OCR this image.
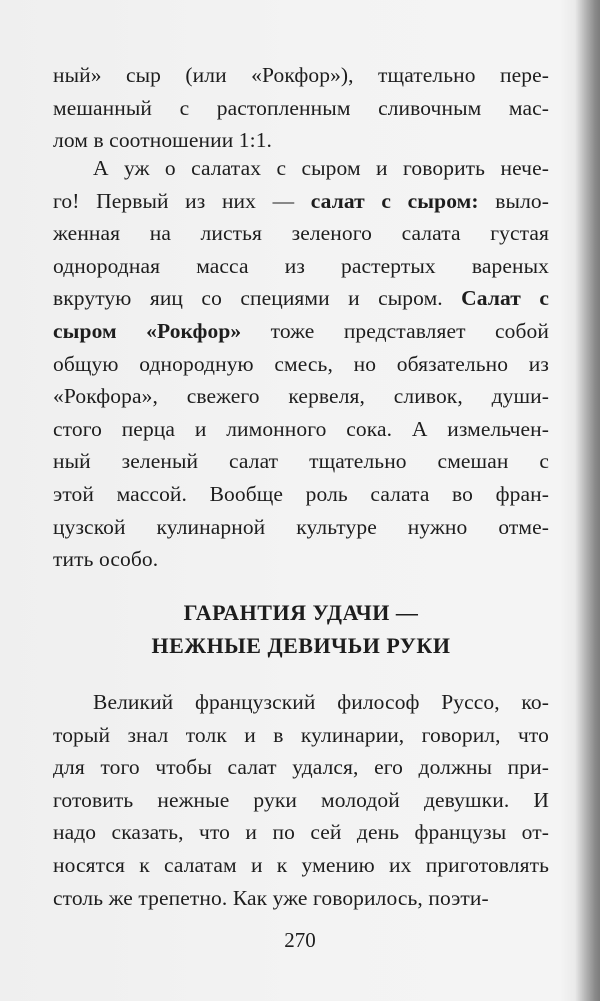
ный» сыр (или «Рокфор»), тщательно пере-
мешанный с растопленным сливочным мас-
лом в соотношении 1:1.

А уж о салатах с сыром и говорить нече-
го! Первый из них — салат с сыром: выло-
женная на листья зеленого салата густая
однородная масса из растертых вареных
вкрутую яиц со специями и сыром. Салат с
сыром «Рокфор» тоже представляет собой
общую однородную смесь, но обязательно из
«Рокфора», свежего кервеля, сливок, души-
стого перца и лимонного сока. А измельчен-
ный зеленый салат тщательно смешан с
этой массой. Вообще роль салата во фран-
цузской кулинарной культуре нужно отме-
тить особо.

ГАРАНТИЯ УДАЧИ —
НЕЖНЫЕ ДЕВИЧЬИ РУКИ

Великий французский философ Руссо, ко-
торый знал толк и в кулинарии, говорил, что
для того чтобы салат удался, его должны при-
готовить нежные руки молодой девушки. И
надо сказать, что и по сей день французы от-
носятся к салатам и к умению их приготовлять
столь же трепетно. Как уже говорилось, поэти-

270
